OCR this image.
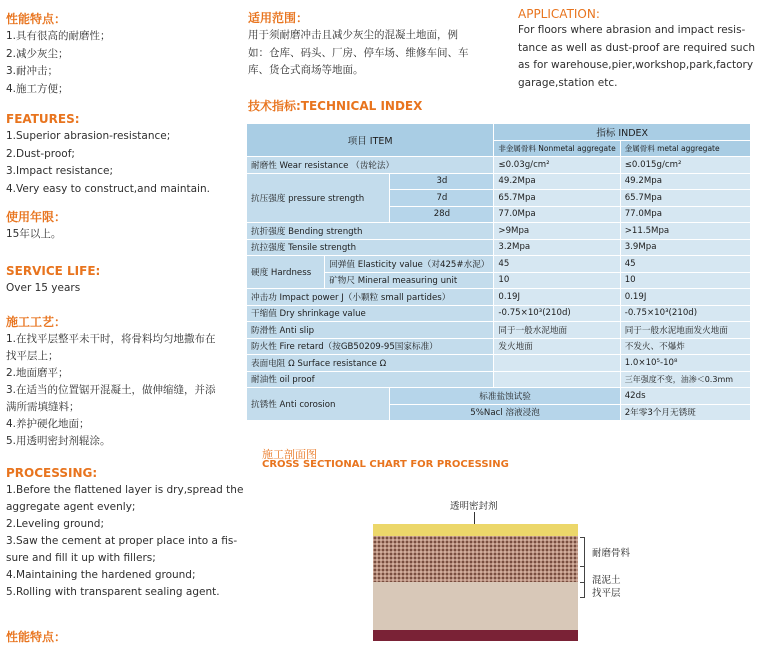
性能特点：
1.具有很高的耐磨性；
2.减少灰尘；
3.耐冲击；
4.施工方便；
FEATURES:
1.Superior abrasion-resistance;
2.Dust-proof;
3.Impact resistance;
4.Very easy to construct,and maintain.
使用年限：
15年以上。
SERVICE LIFE:
Over 15 years
施工工艺：
1.在找平层整平未干时，将骨料均匀地撒布在
找平层上；
2.地面磨平；
3.在适当的位置锯开混凝土，做伸缩缝，并添
满所需填缝料；
4.养护硬化地面；
5.用透明密封剂辊涂。
PROCESSING:
1.Before the flattened layer is dry,spread the
aggregate agent evenly;
2.Leveling ground;
3.Saw the cement at proper place into a fis-
sure and fill it up with fillers;
4.Maintaining the hardened ground;
5.Rolling with transparent sealing agent.
性能特点：
适用范围：
用于须耐磨冲击且减少灰尘的混凝土地面，例
如：仓库、码头、厂房、停车场、维修车间、车
库、货仓式商场等地面。
APPLICATION:
For floors where abrasion and impact resis-
tance as well as dust-proof are required such
as for warehouse,pier,workshop,park,factory
garage,station etc.
技术指标:TECHNICAL INDEX
项目 ITEM			指标 INDEX	
			非金属骨料 Nonmetal aggregate	金属骨料 metal aggregate
耐磨性 Wear resistance （齿轮法）			≤0.03g/cm²	≤0.015g/cm²
抗压强度 pressure strength		3d	49.2Mpa	49.2Mpa
		7d	65.7Mpa	65.7Mpa
		28d	77.0Mpa	77.0Mpa
抗折强度 Bending strength			>9Mpa	>11.5Mpa
抗拉强度 Tensile strength			3.2Mpa	3.9Mpa
硬度 Hardness	回弹值 Elasticity value（对425#水泥）		45	45
	矿物尺 Mineral measuring unit		10	10
冲击功 Impact power J（小颗粒 small partides）			0.19J	0.19J
干缩值 Dry shrinkage value			-0.75×10³(210d)	-0.75×10³(210d)
防滑性 Anti slip			同于一般水泥地面	同于一般水泥地面发火地面
防火性 Fire retard（按GB50209-95国家标准）			发火地面	不发火、不爆炸
表面电阻 Ω Surface resistance Ω				1.0×10⁵-10⁸
耐油性 oil proof				三年强度不变，油渗＜0.3mm
抗锈性 Anti corosion		标准盐蚀试验		42ds
		5%Nacl 溶液浸泡		2年零3个月无锈斑
施工剖面图
CROSS SECTIONAL CHART FOR PROCESSING
透明密封剂
耐磨骨料
混泥土
找平层
